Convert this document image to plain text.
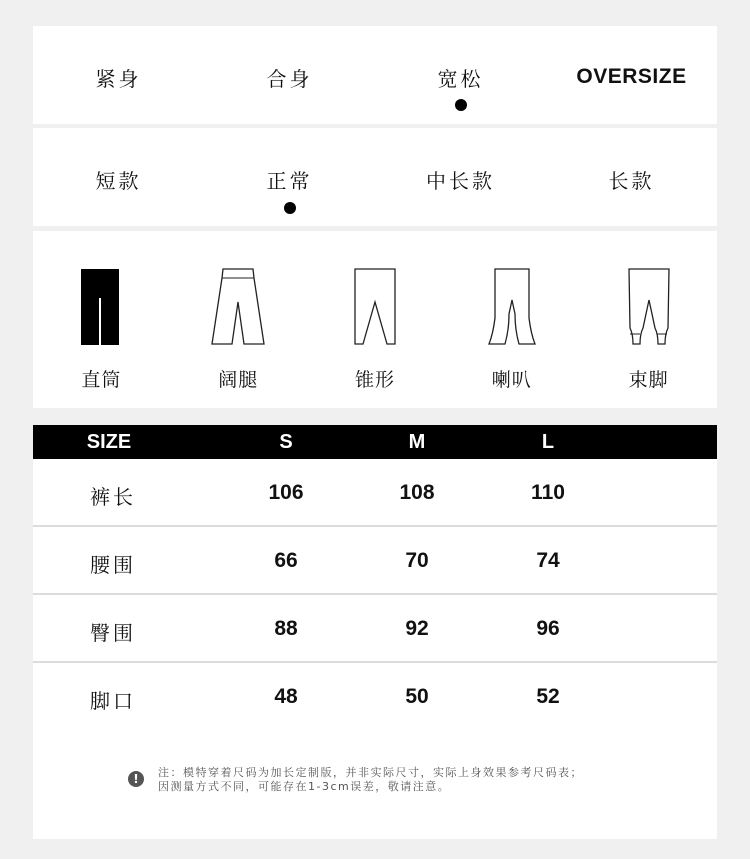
紧身	合身	宽松	OVERSIZE
短款	正常	中长款	长款
直筒	阔腿	锥形	喇叭	束脚
SIZE	S	M	L
裤长	106	108	110
腰围	66	70	74
臀围	88	92	96
脚口	48	50	52
!	注：模特穿着尺码为加长定制版，并非实际尺寸，实际上身效果参考尺码表；
因测量方式不同，可能存在1-3cm误差，敬请注意。
